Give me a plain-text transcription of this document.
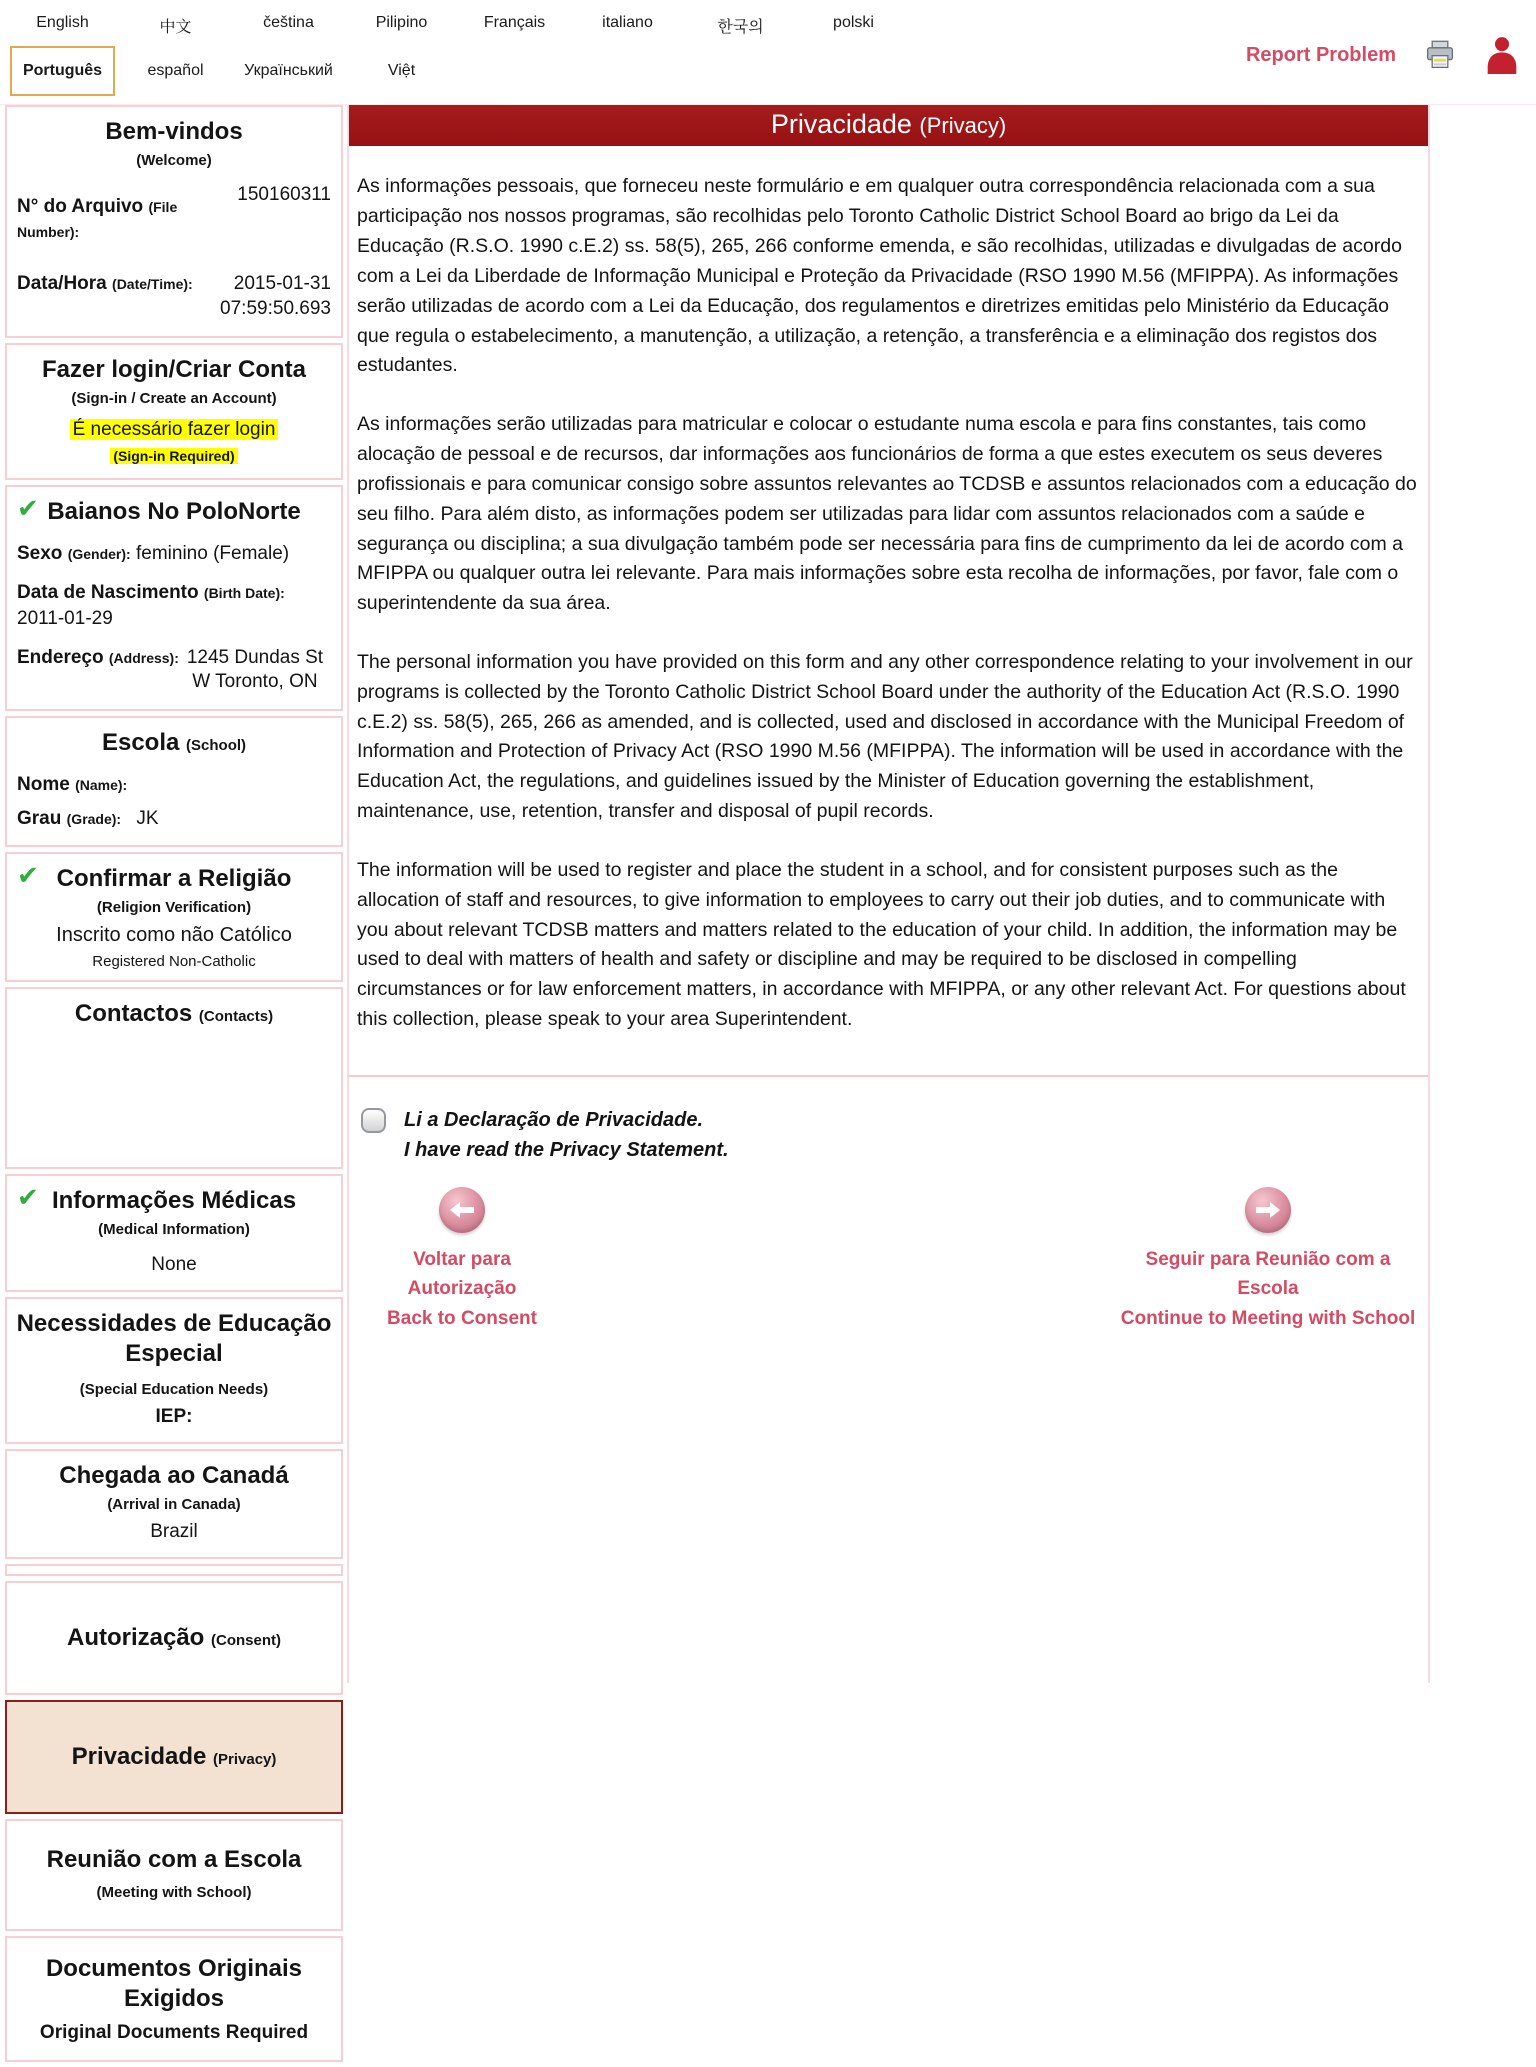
English	中文	čeština	Pilipino	Français	italiano	한국의	polski
Português	español	Український	Việt
Report Problem
Bem-vindos
(Welcome)
N° do Arquivo (File Number):
150160311
Data/Hora (Date/Time):	2015-01-31 07:59:50.693
Fazer login/Criar Conta
(Sign-in / Create an Account)
É necessário fazer login
(Sign-in Required)
✔ Baianos No PoloNorte
Sexo (Gender): feminino (Female)
Data de Nascimento (Birth Date): 2011-01-29
Endereço (Address): 1245 Dundas St W Toronto, ON
Escola (School)
Nome (Name):
Grau (Grade): JK
✔ Confirmar a Religião
(Religion Verification)
Inscrito como não Católico
Registered Non-Catholic
Contactos (Contacts)
✔ Informações Médicas
(Medical Information)
None
Necessidades de Educação Especial
(Special Education Needs)
IEP:
Chegada ao Canadá
(Arrival in Canada)
Brazil
Autorização (Consent)
Privacidade (Privacy)
Reunião com a Escola (Meeting with School)
Documentos Originais Exigidos
Original Documents Required
Privacidade (Privacy)

As informações pessoais, que forneceu neste formulário e em qualquer outra correspondência relacionada com a sua participação nos nossos programas, são recolhidas pelo Toronto Catholic District School Board ao brigo da Lei da Educação (R.S.O. 1990 c.E.2) ss. 58(5), 265, 266 conforme emenda, e são recolhidas, utilizadas e divulgadas de acordo com a Lei da Liberdade de Informação Municipal e Proteção da Privacidade (RSO 1990 M.56 (MFIPPA). As informações serão utilizadas de acordo com a Lei da Educação, dos regulamentos e diretrizes emitidas pelo Ministério da Educação que regula o estabelecimento, a manutenção, a utilização, a retenção, a transferência e a eliminação dos registos dos estudantes.

As informações serão utilizadas para matricular e colocar o estudante numa escola e para fins constantes, tais como alocação de pessoal e de recursos, dar informações aos funcionários de forma a que estes executem os seus deveres profissionais e para comunicar consigo sobre assuntos relevantes ao TCDSB e assuntos relacionados com a educação do seu filho. Para além disto, as informações podem ser utilizadas para lidar com assuntos relacionados com a saúde e segurança ou disciplina; a sua divulgação também pode ser necessária para fins de cumprimento da lei de acordo com a MFIPPA ou qualquer outra lei relevante. Para mais informações sobre esta recolha de informações, por favor, fale com o superintendente da sua área.

The personal information you have provided on this form and any other correspondence relating to your involvement in our programs is collected by the Toronto Catholic District School Board under the authority of the Education Act (R.S.O. 1990 c.E.2) ss. 58(5), 265, 266 as amended, and is collected, used and disclosed in accordance with the Municipal Freedom of Information and Protection of Privacy Act (RSO 1990 M.56 (MFIPPA). The information will be used in accordance with the Education Act, the regulations, and guidelines issued by the Minister of Education governing the establishment, maintenance, use, retention, transfer and disposal of pupil records.

The information will be used to register and place the student in a school, and for consistent purposes such as the allocation of staff and resources, to give information to employees to carry out their job duties, and to communicate with you about relevant TCDSB matters and matters related to the education of your child. In addition, the information may be used to deal with matters of health and safety or discipline and may be required to be disclosed in compelling circumstances or for law enforcement matters, in accordance with MFIPPA, or any other relevant Act. For questions about this collection, please speak to your area Superintendent.

Li a Declaração de Privacidade.
I have read the Privacy Statement.
Voltar para Autorização
Back to Consent
Seguir para Reunião com a Escola
Continue to Meeting with School
